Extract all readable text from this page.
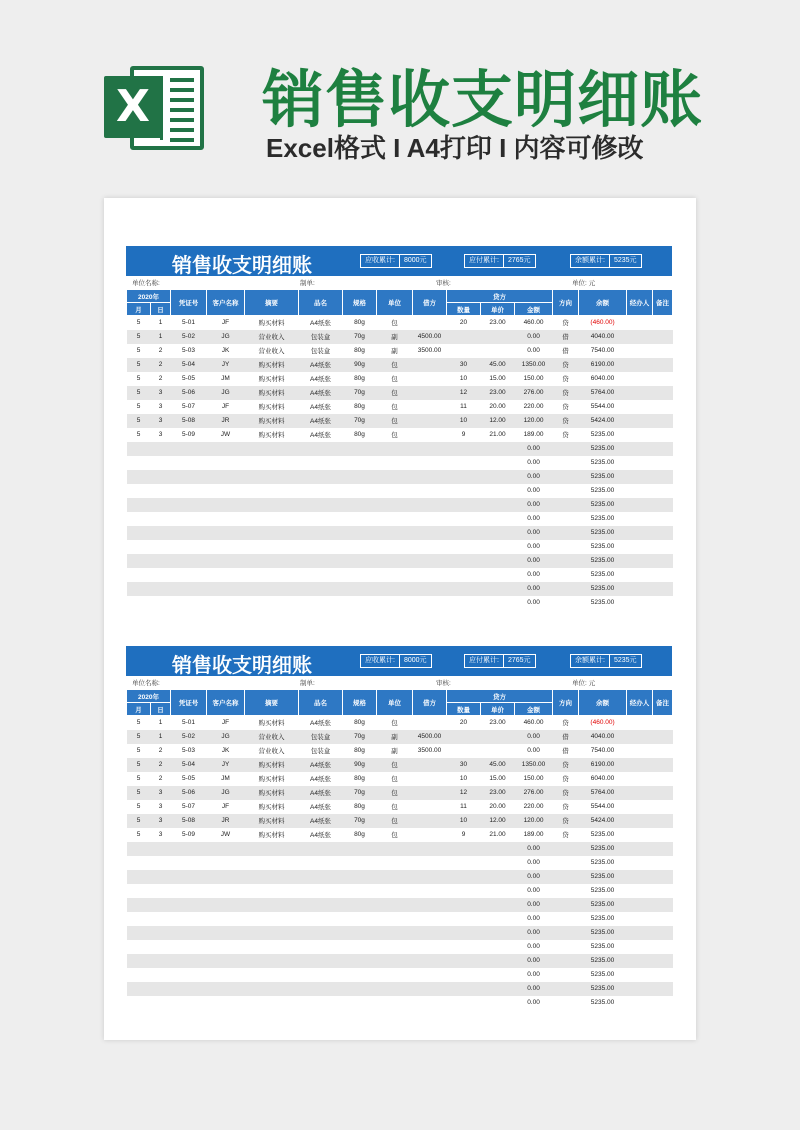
X 销售收支明细账
Excel格式 I A4打印 I 内容可修改
销售收支明细账	应收累计:	8000元	应付累计:	2765元	余额累计:	5235元
单位名称:	制单:	审核:	单位: 元
2020年		凭证号	客户名称	摘要	品名	规格	单位	借方	贷方			方向	余额	经办人	备注
月	日								数量	单价	金额				
5	1	5-01	JF	购买材料	A4纸张	80g	包		20	23.00	460.00	贷	(460.00)		
5	1	5-02	JG	营业收入	包装盒	70g	副	4500.00			0.00	借	4040.00		
5	2	5-03	JK	营业收入	包装盒	80g	副	3500.00			0.00	借	7540.00		
5	2	5-04	JY	购买材料	A4纸张	90g	包		30	45.00	1350.00	贷	6190.00		
5	2	5-05	JM	购买材料	A4纸张	80g	包		10	15.00	150.00	贷	6040.00		
5	3	5-06	JG	购买材料	A4纸张	70g	包		12	23.00	276.00	贷	5764.00		
5	3	5-07	JF	购买材料	A4纸张	80g	包		11	20.00	220.00	贷	5544.00		
5	3	5-08	JR	购买材料	A4纸张	70g	包		10	12.00	120.00	贷	5424.00		
5	3	5-09	JW	购买材料	A4纸张	80g	包		9	21.00	189.00	贷	5235.00		
											0.00		5235.00		
											0.00		5235.00		
											0.00		5235.00		
											0.00		5235.00		
											0.00		5235.00		
											0.00		5235.00		
											0.00		5235.00		
											0.00		5235.00		
											0.00		5235.00		
											0.00		5235.00		
											0.00		5235.00		
											0.00		5235.00		
销售收支明细账	应收累计:	8000元	应付累计:	2765元	余额累计:	5235元
单位名称:	制单:	审核:	单位: 元
2020年		凭证号	客户名称	摘要	品名	规格	单位	借方	贷方			方向	余额	经办人	备注
月	日								数量	单价	金额				
5	1	5-01	JF	购买材料	A4纸张	80g	包		20	23.00	460.00	贷	(460.00)		
5	1	5-02	JG	营业收入	包装盒	70g	副	4500.00			0.00	借	4040.00		
5	2	5-03	JK	营业收入	包装盒	80g	副	3500.00			0.00	借	7540.00		
5	2	5-04	JY	购买材料	A4纸张	90g	包		30	45.00	1350.00	贷	6190.00		
5	2	5-05	JM	购买材料	A4纸张	80g	包		10	15.00	150.00	贷	6040.00		
5	3	5-06	JG	购买材料	A4纸张	70g	包		12	23.00	276.00	贷	5764.00		
5	3	5-07	JF	购买材料	A4纸张	80g	包		11	20.00	220.00	贷	5544.00		
5	3	5-08	JR	购买材料	A4纸张	70g	包		10	12.00	120.00	贷	5424.00		
5	3	5-09	JW	购买材料	A4纸张	80g	包		9	21.00	189.00	贷	5235.00		
											0.00		5235.00		
											0.00		5235.00		
											0.00		5235.00		
											0.00		5235.00		
											0.00		5235.00		
											0.00		5235.00		
											0.00		5235.00		
											0.00		5235.00		
											0.00		5235.00		
											0.00		5235.00		
											0.00		5235.00		
											0.00		5235.00		
